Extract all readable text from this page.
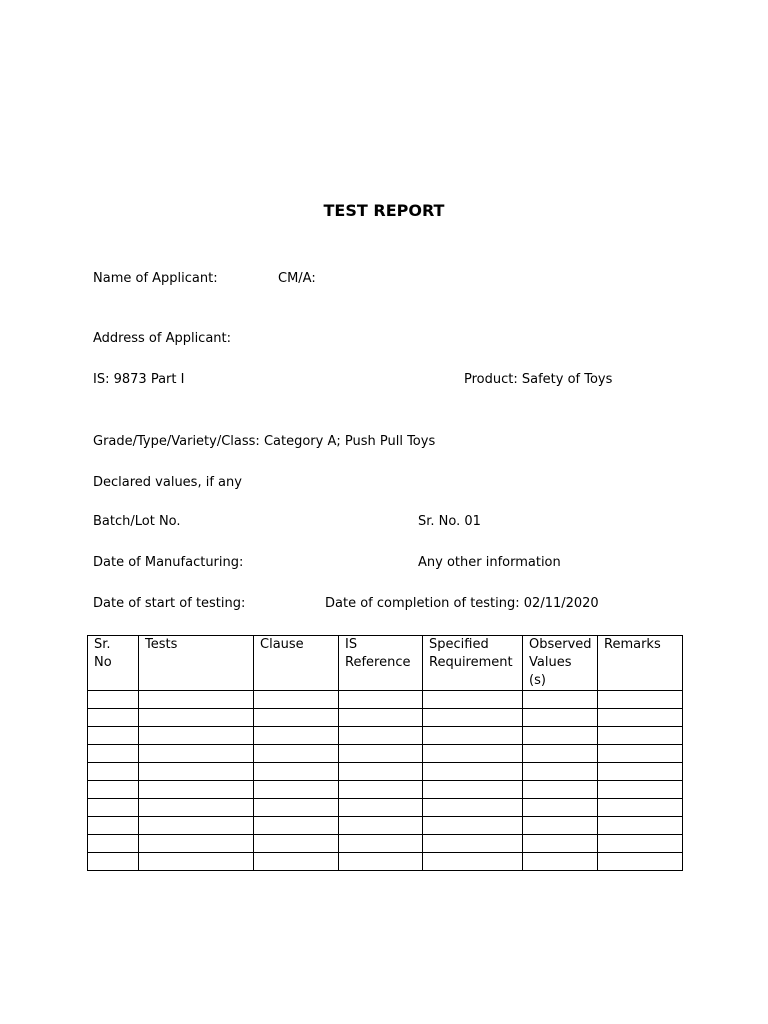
TEST REPORT
Name of Applicant:	CM/A:
Address of Applicant:
IS: 9873 Part I	Product: Safety of Toys
Grade/Type/Variety/Class: Category A; Push Pull Toys
Declared values, if any
Batch/Lot No.	Sr. No. 01
Date of Manufacturing:	Any other information
Date of start of testing:	Date of completion of testing: 02/11/2020
Sr. No	Tests	Clause	IS Reference	Specified Requirement	Observed Values (s)	Remarks
